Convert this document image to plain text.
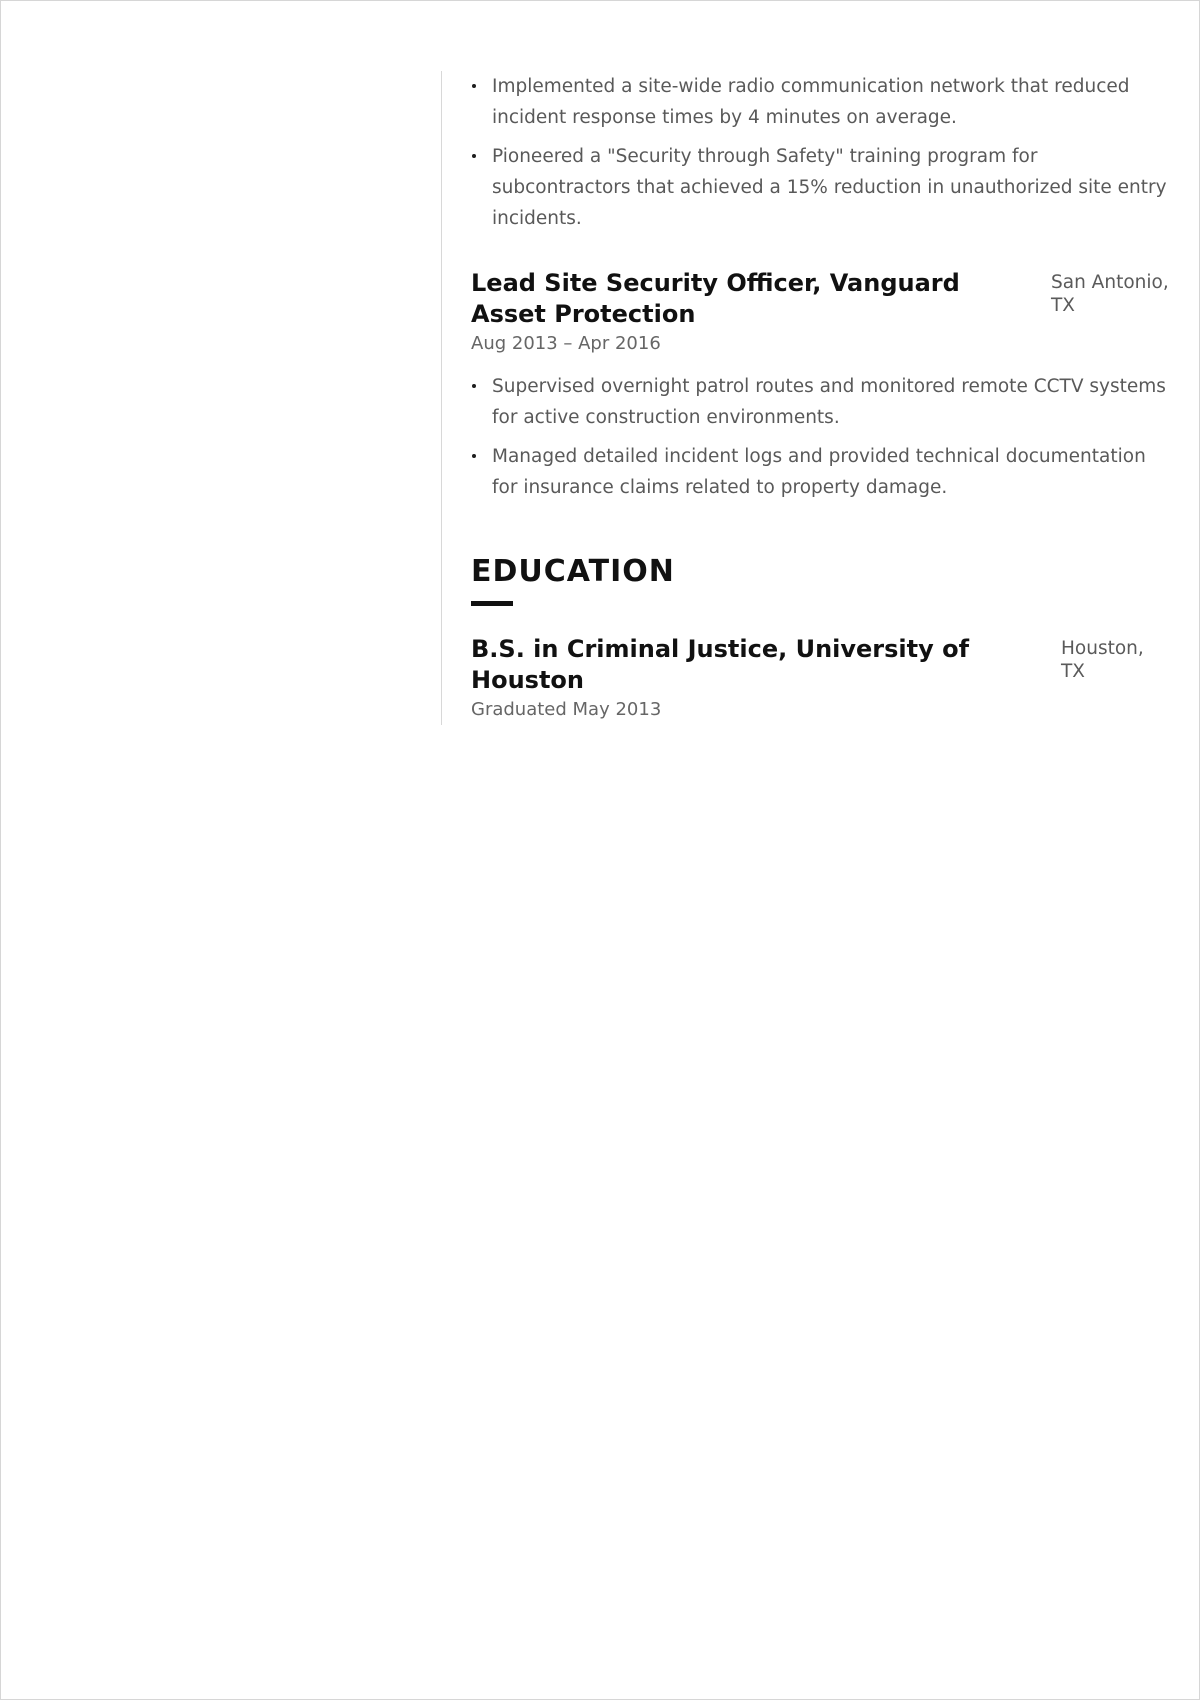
Implemented a site-wide radio communication network that reduced incident response times by 4 minutes on average.
Pioneered a "Security through Safety" training program for subcontractors that achieved a 15% reduction in unauthorized site entry incidents.
Lead Site Security Officer, Vanguard Asset Protection
San Antonio, TX
Aug 2013 – Apr 2016
Supervised overnight patrol routes and monitored remote CCTV systems for active construction environments.
Managed detailed incident logs and provided technical documentation for insurance claims related to property damage.
EDUCATION
B.S. in Criminal Justice, University of Houston
Houston, TX
Graduated May 2013
